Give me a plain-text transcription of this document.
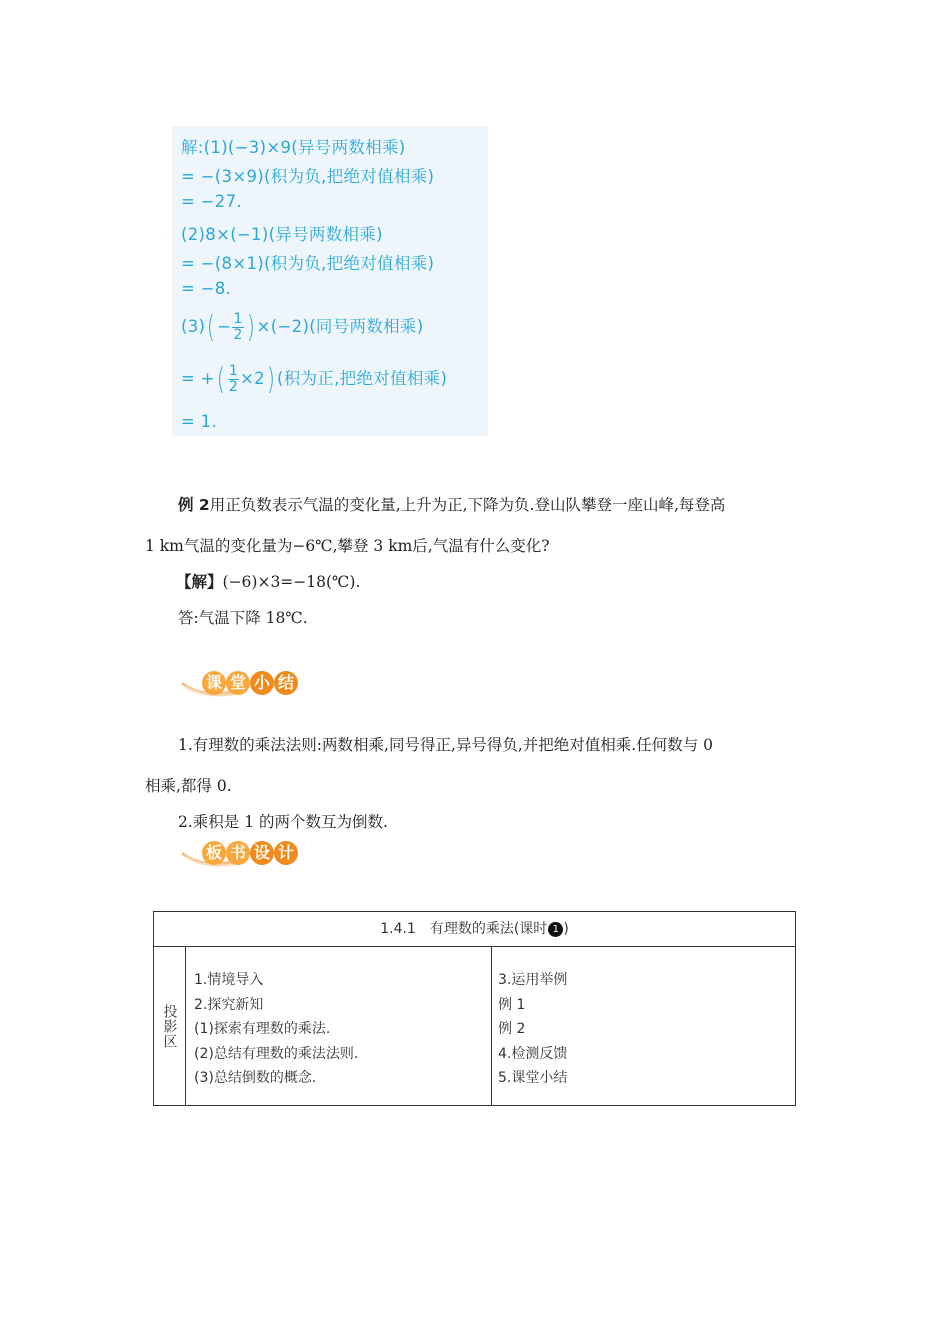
解:(1)(−3)×9(异号两数相乘)
= −(3×9)(积为负,把绝对值相乘)
= −27.
(2)8×(−1)(异号两数相乘)
= −(8×1)(积为负,把绝对值相乘)
= −8.
$(3)( - \frac{1}{2}$ ) ×(−2)(同号两数相乘)
= +( $\frac{1}{2} \times 2$) (积为正,把绝对值相乘)
= 1.
例 2用正负数表示气温的变化量,上升为正,下降为负.登山队攀登一座山峰,每登高
1 km气温的变化量为−6℃,攀登 3 km后,气温有什么变化?
【解】(−6)×3=−18(℃).
答:气温下降 18℃.
课 堂 小 结
1.有理数的乘法法则:两数相乘,同号得正,异号得负,并把绝对值相乘.任何数与 0
相乘,都得 0.
2.乘积是 1 的两个数互为倒数.
板 书 设 计
1.4.1　有理数的乘法(课时 1 )
投影区
1.情境导入
2.探究新知
(1)探索有理数的乘法.
(2)总结有理数的乘法法则.
(3)总结倒数的概念.
3.运用举例
例 1
例 2
4.检测反馈
5.课堂小结
